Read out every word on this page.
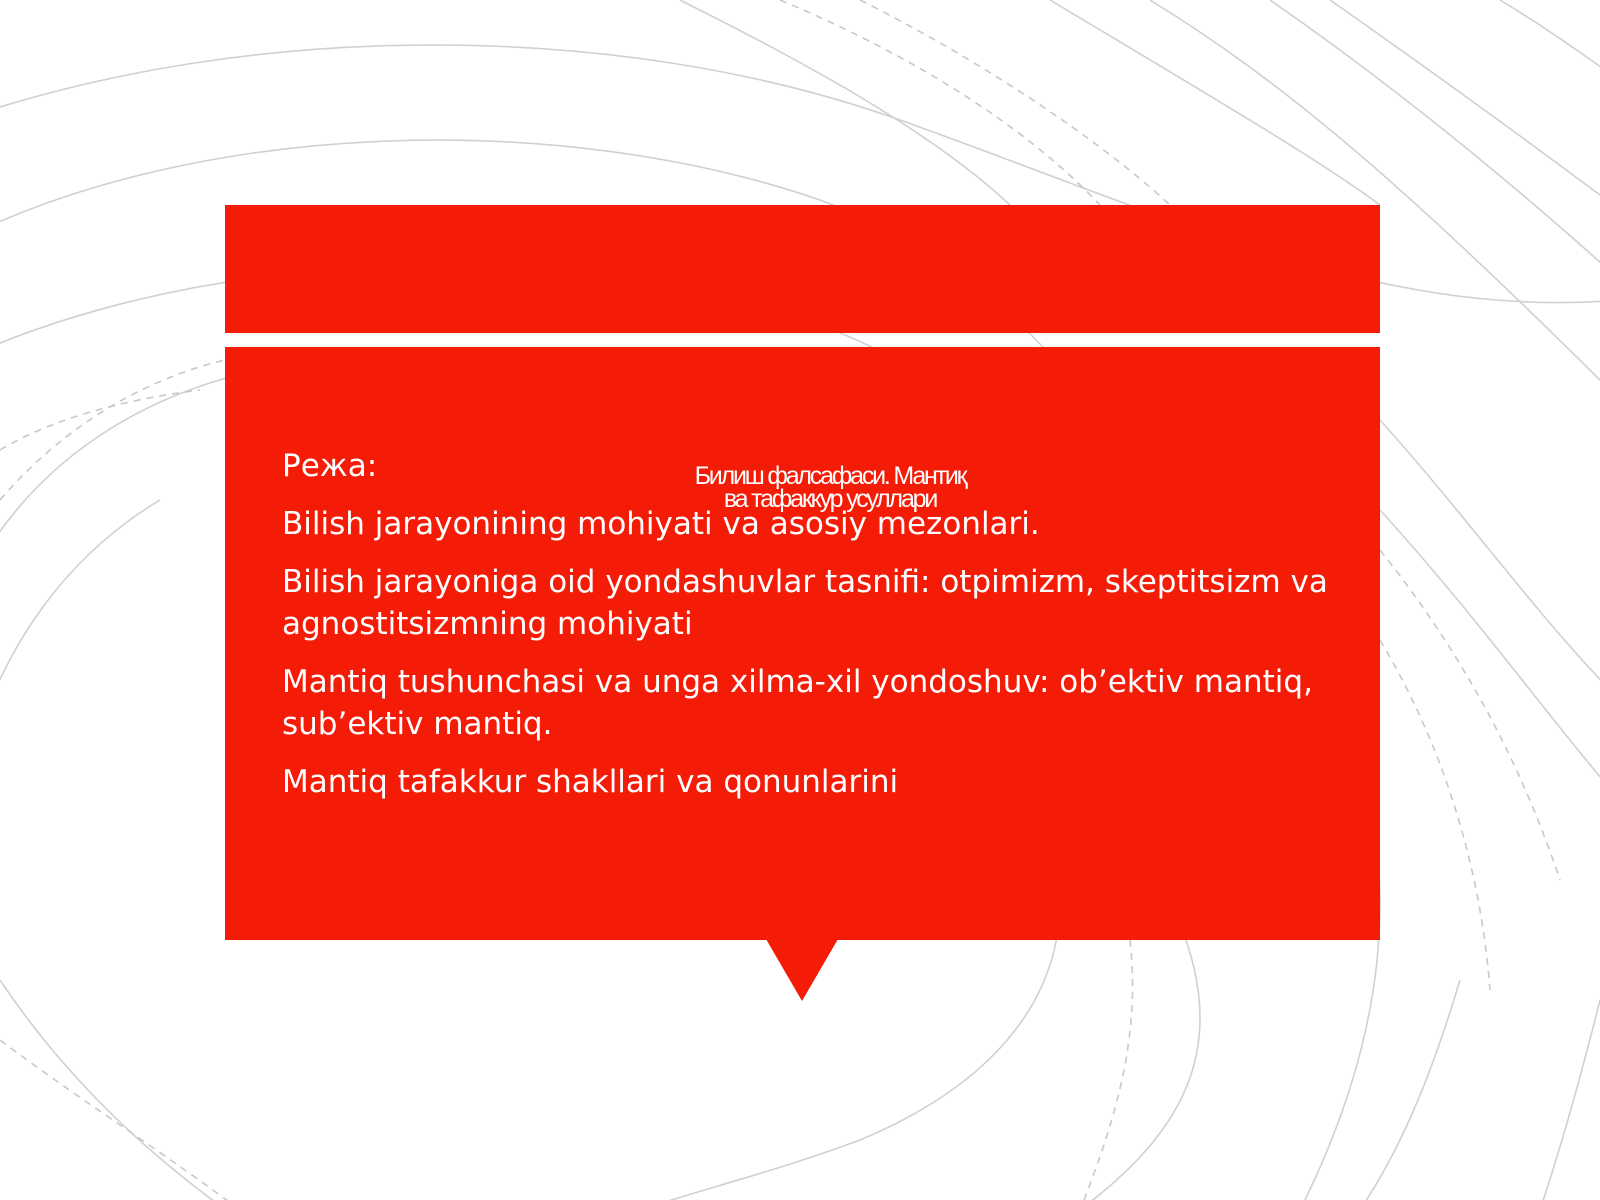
Билиш фалсафаси. Мантиқ
ва тафаккур усуллари
Режа:
Bilish jarayonining mohiyati va asosiy mezonlari.
Bilish jarayoniga oid yondashuvlar tasnifi: otpimizm, skeptitsizm va agnostitsizmning mohiyati
Mantiq tushunchasi va unga xilma-xil yondoshuv: ob’ektiv mantiq, sub’ektiv mantiq.
Mantiq tafakkur shakllari va qonunlarini
